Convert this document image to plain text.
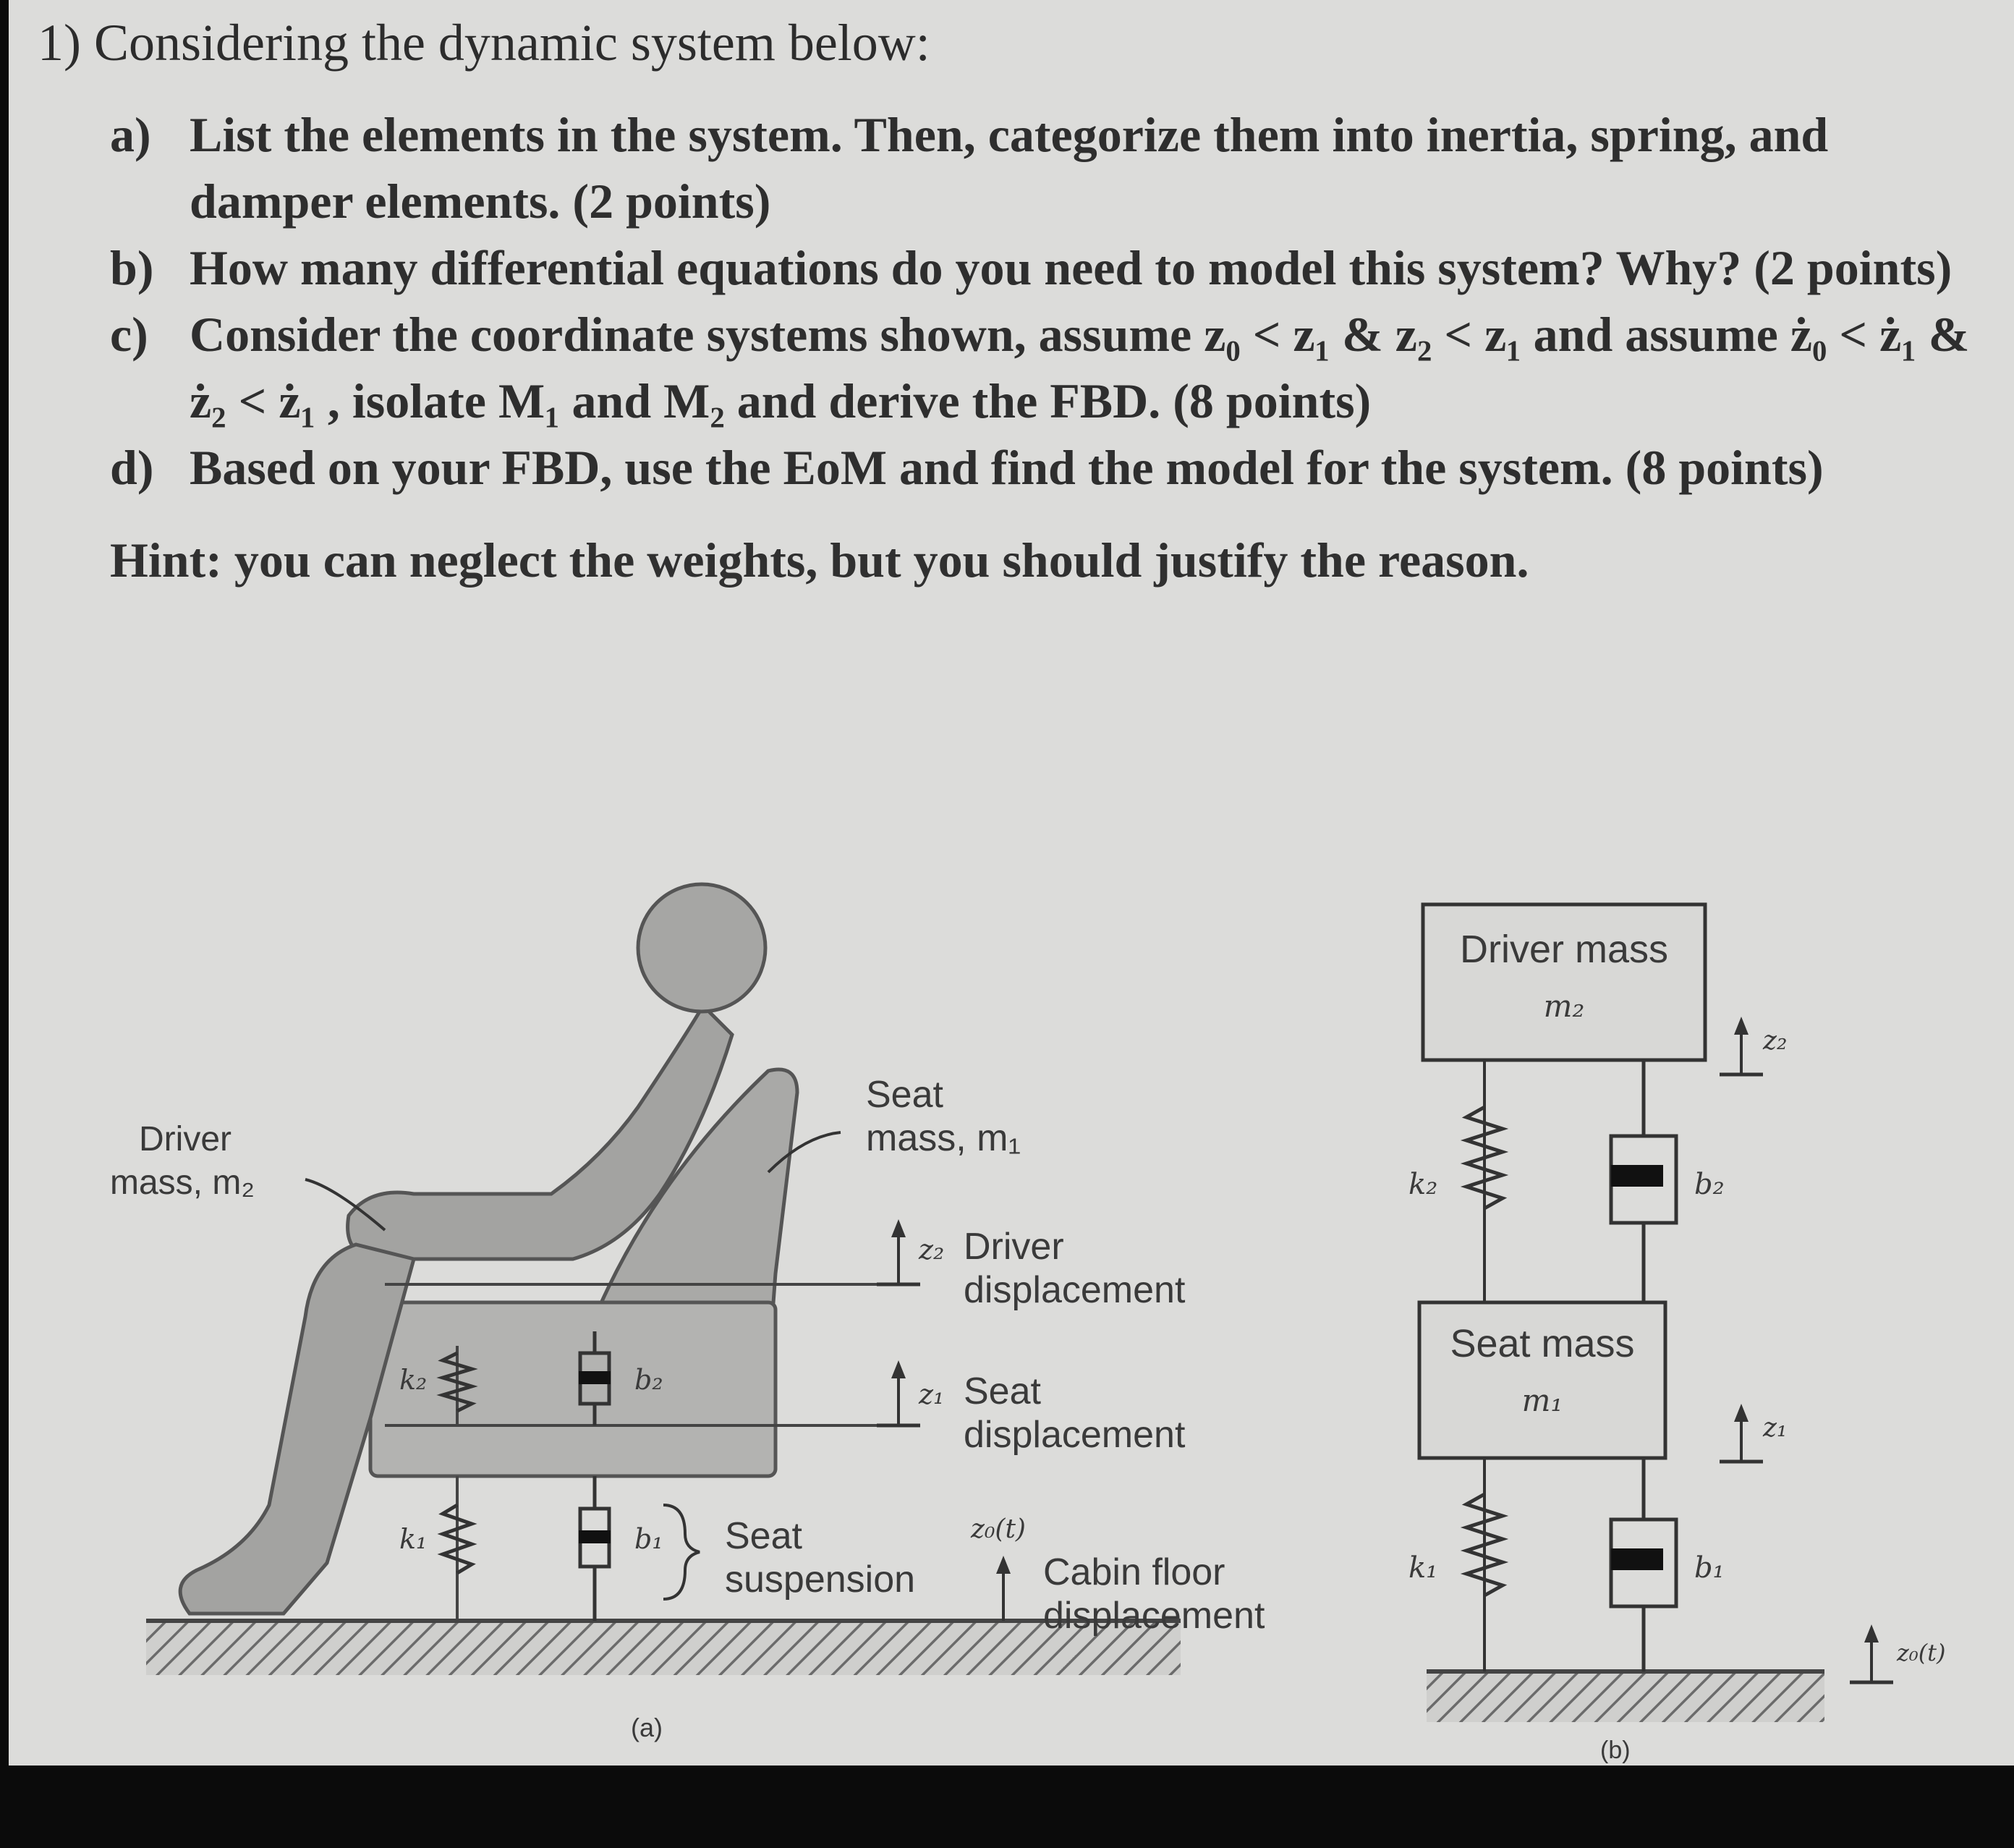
1) Considering the dynamic system below:
a) List the elements in the system. Then, categorize them into inertia, spring, and damper elements. (2 points)
b) How many differential equations do you need to model this system? Why? (2 points)
c) Consider the coordinate systems shown, assume z₀ < z₁ & z₂ < z₁ and assume ż₀ < ż₁ & ż₂ < ż₁ , isolate M₁ and M₂ and derive the FBD. (8 points)
d) Based on your FBD, use the EoM and find the model for the system. (8 points)
Hint: you can neglect the weights, but you should justify the reason.
Driver
mass, m₂
Seat
mass, m₁
z₂ Driver
displacement
z₁ Seat
displacement
Seat
suspension
z₀(t)
Cabin floor
displacement
k₂	b₂
k₁	b₁
(a)
Driver mass
m₂
Seat mass
m₁
k₂	b₂
k₁	b₁
z₂
z₁
z₀(t)
(b)
